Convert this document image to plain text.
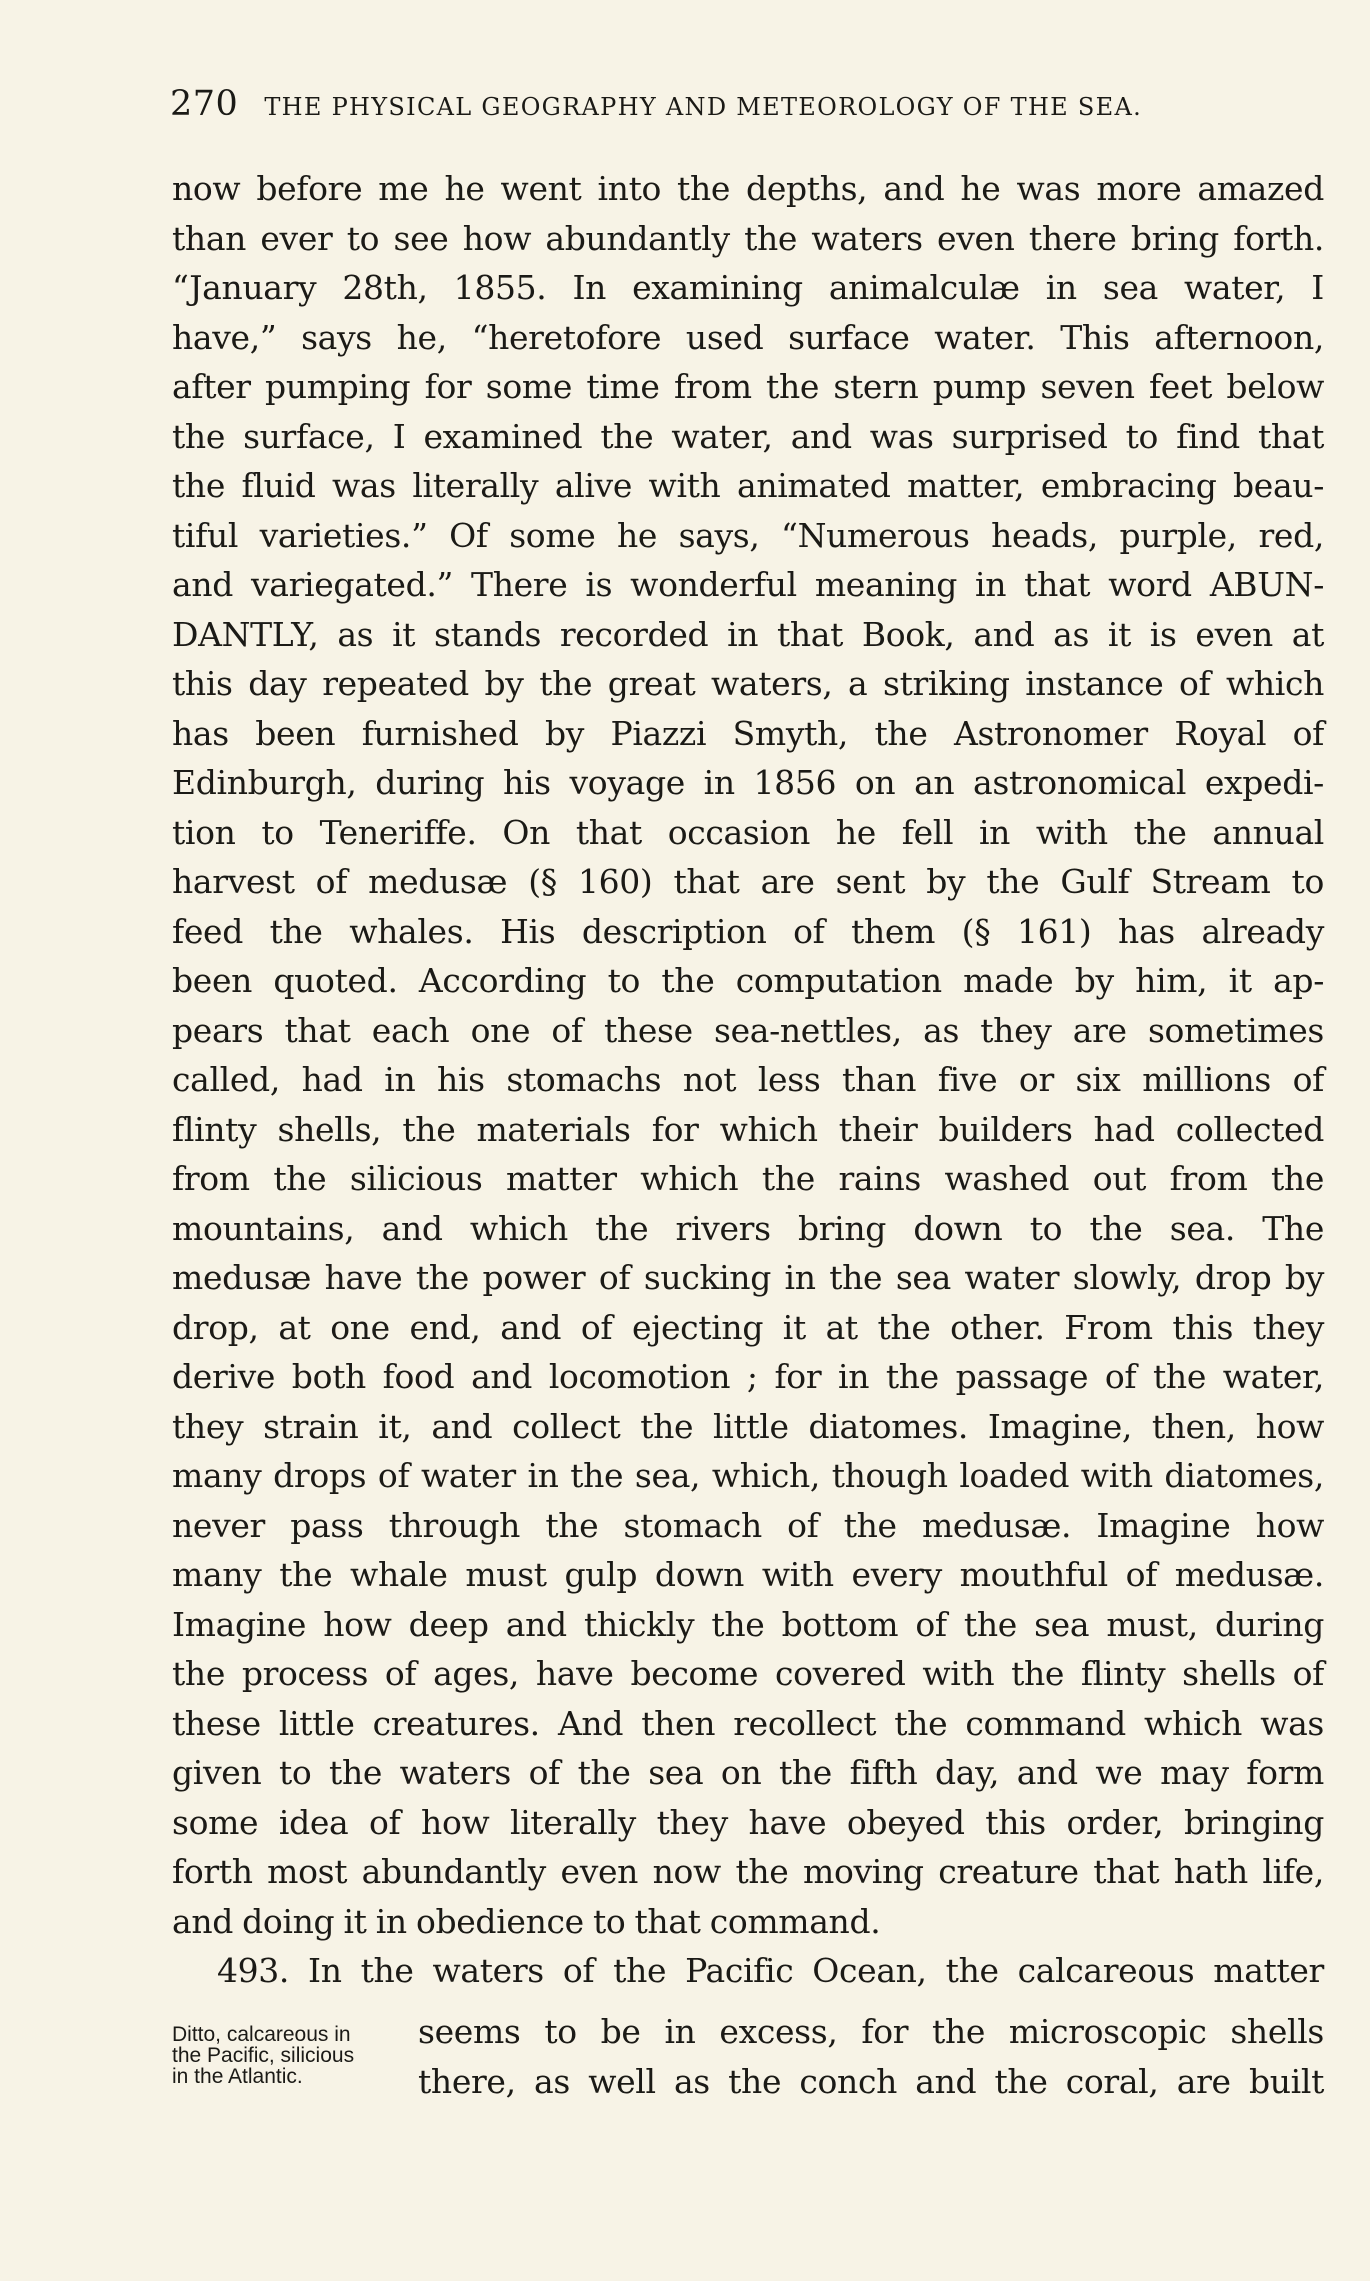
270 THE PHYSICAL GEOGRAPHY AND METEOROLOGY OF THE SEA.
now before me he went into the depths, and he was more amazed
than ever to see how abundantly the waters even there bring forth.
“January 28th, 1855. In examining animalculæ in sea water, I
have,” says he, “heretofore used surface water. This afternoon,
after pumping for some time from the stern pump seven feet below
the surface, I examined the water, and was surprised to find that
the fluid was literally alive with animated matter, embracing beau-
tiful varieties.” Of some he says, “Numerous heads, purple, red,
and variegated.” There is wonderful meaning in that word ABUN-
DANTLY, as it stands recorded in that Book, and as it is even at
this day repeated by the great waters, a striking instance of which
has been furnished by Piazzi Smyth, the Astronomer Royal of
Edinburgh, during his voyage in 1856 on an astronomical expedi-
tion to Teneriffe. On that occasion he fell in with the annual
harvest of medusæ (§ 160) that are sent by the Gulf Stream to
feed the whales. His description of them (§ 161) has already
been quoted. According to the computation made by him, it ap-
pears that each one of these sea-nettles, as they are sometimes
called, had in his stomachs not less than five or six millions of
flinty shells, the materials for which their builders had collected
from the silicious matter which the rains washed out from the
mountains, and which the rivers bring down to the sea. The
medusæ have the power of sucking in the sea water slowly, drop by
drop, at one end, and of ejecting it at the other. From this they
derive both food and locomotion ; for in the passage of the water,
they strain it, and collect the little diatomes. Imagine, then, how
many drops of water in the sea, which, though loaded with diatomes,
never pass through the stomach of the medusæ. Imagine how
many the whale must gulp down with every mouthful of medusæ.
Imagine how deep and thickly the bottom of the sea must, during
the process of ages, have become covered with the flinty shells of
these little creatures. And then recollect the command which was
given to the waters of the sea on the fifth day, and we may form
some idea of how literally they have obeyed this order, bringing
forth most abundantly even now the moving creature that hath life,
and doing it in obedience to that command.
493. In the waters of the Pacific Ocean, the calcareous matter
Ditto, calcareous in
the Pacific, silicious
in the Atlantic.
seems to be in excess, for the microscopic shells
there, as well as the conch and the coral, are built
